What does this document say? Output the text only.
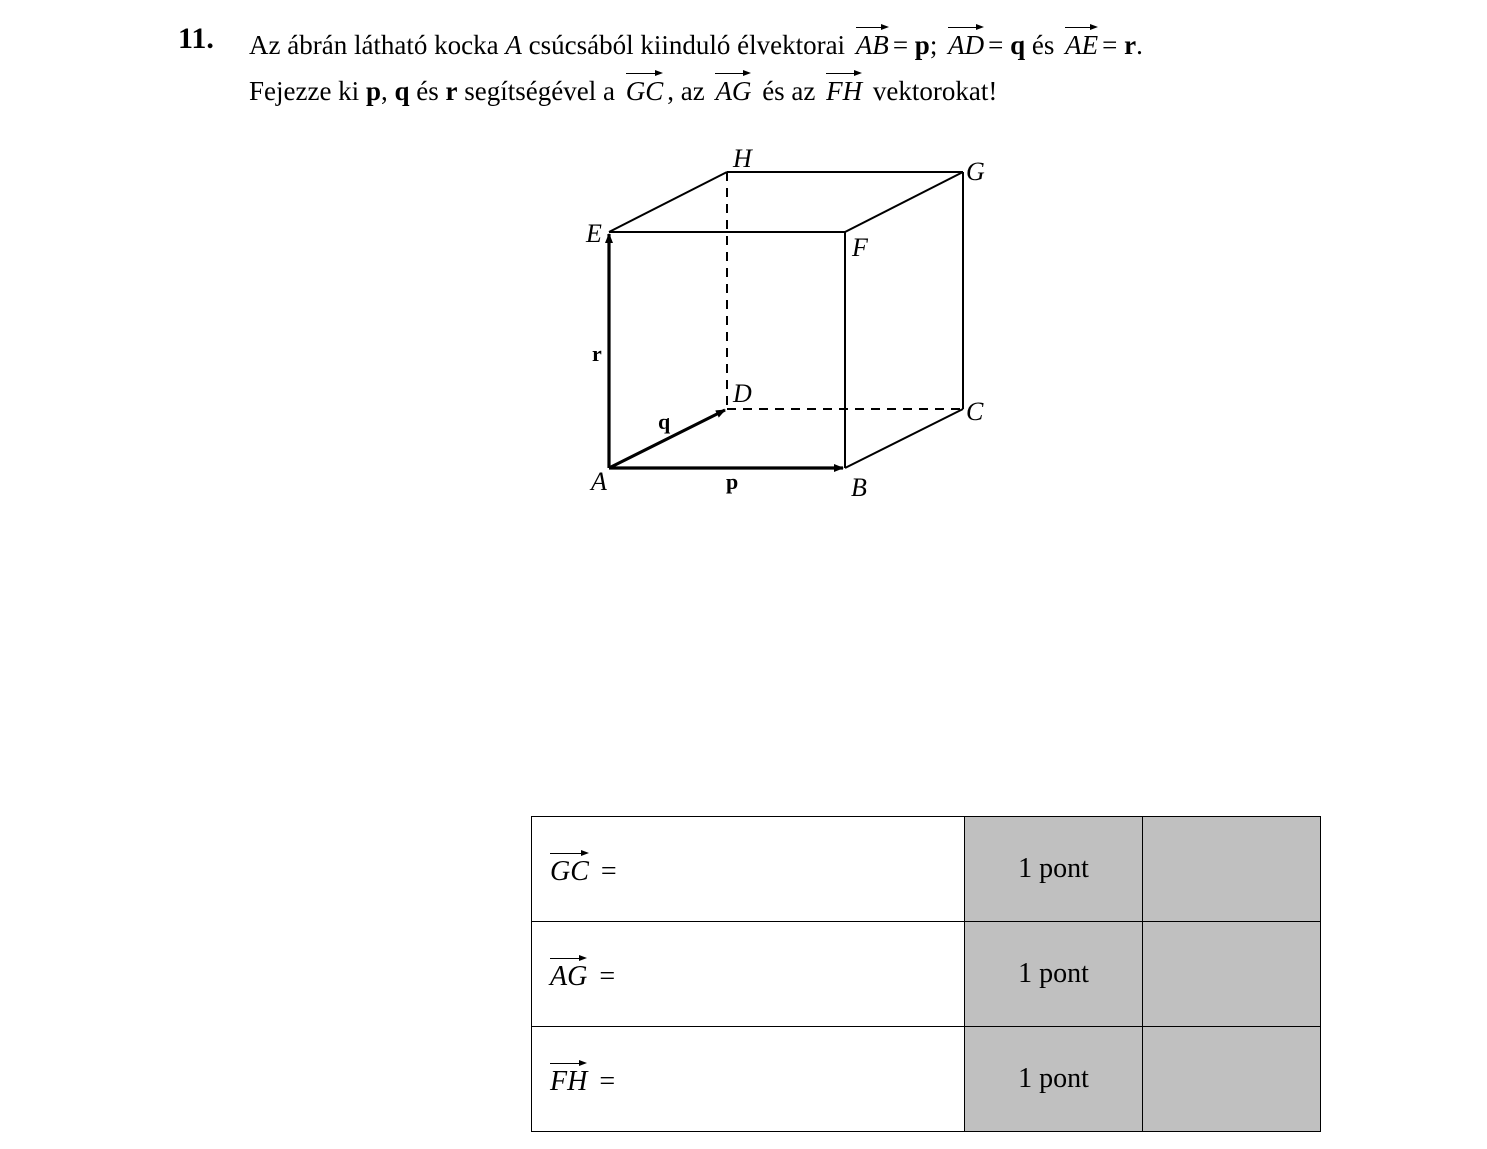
11. Az ábrán látható kocka A csúcsából kiinduló élvektorai
AB = p; AD = q és
AE = r.
Fejezze ki p, q és r segítségével a
GC , az
AG és az
FH vektorokat!
H	G
E	F
D
C
A	B
r
q
p
GC =	1 pont	

AG =	1 pont	

FH =	1 pont	
